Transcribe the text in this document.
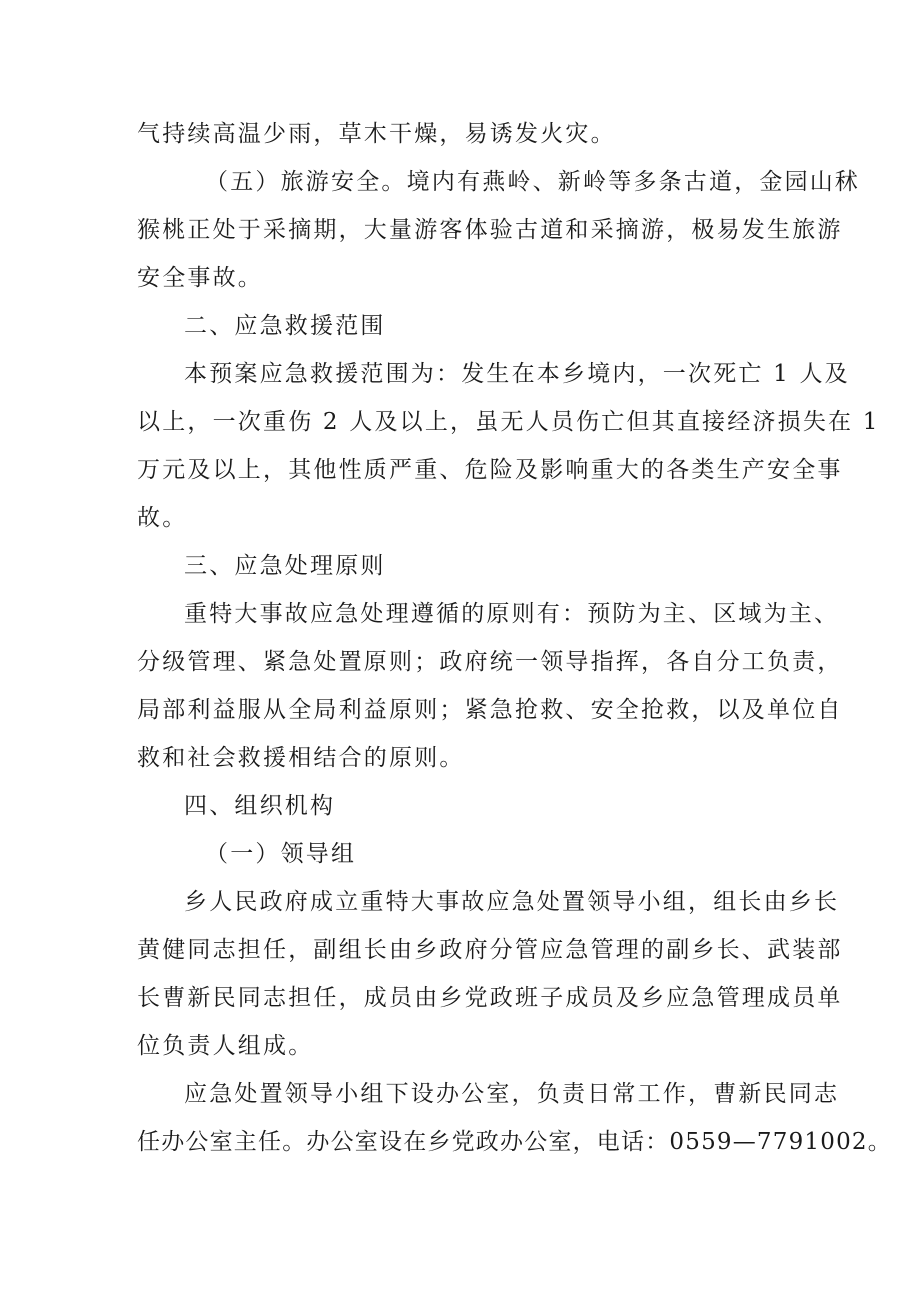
气持续高温少雨，草木干燥，易诱发火灾。
（五）旅游安全。境内有燕岭、新岭等多条古道，金园山秫
猴桃正处于采摘期，大量游客体验古道和采摘游，极易发生旅游
安全事故。
二、应急救援范围
本预案应急救援范围为：发生在本乡境内，一次死亡 1 人及
以上，一次重伤 2 人及以上，虽无人员伤亡但其直接经济损失在 1
万元及以上，其他性质严重、危险及影响重大的各类生产安全事
故。
三、应急处理原则
重特大事故应急处理遵循的原则有：预防为主、区域为主、
分级管理、紧急处置原则；政府统一领导指挥，各自分工负责，
局部利益服从全局利益原则；紧急抢救、安全抢救，以及单位自
救和社会救援相结合的原则。
四、组织机构
（一）领导组
乡人民政府成立重特大事故应急处置领导小组，组长由乡长
黄健同志担任，副组长由乡政府分管应急管理的副乡长、武装部
长曹新民同志担任，成员由乡党政班子成员及乡应急管理成员单
位负责人组成。
应急处置领导小组下设办公室，负责日常工作，曹新民同志
任办公室主任。办公室设在乡党政办公室，电话：0559—7791002。
